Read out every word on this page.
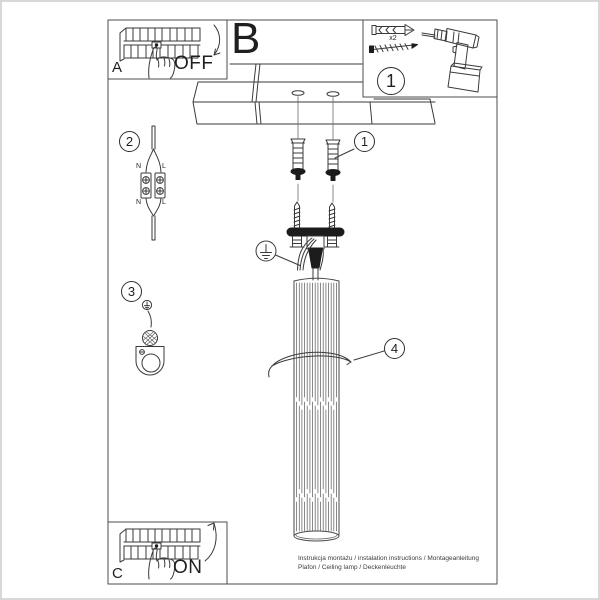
A	OFF
B
1
x2
1
2
3
4
N	L
N	L
C	ON	Instrukcja montażu / instalation instructions / Montageanleitung
Plafon / Ceiling lamp / Deckenleuchte
